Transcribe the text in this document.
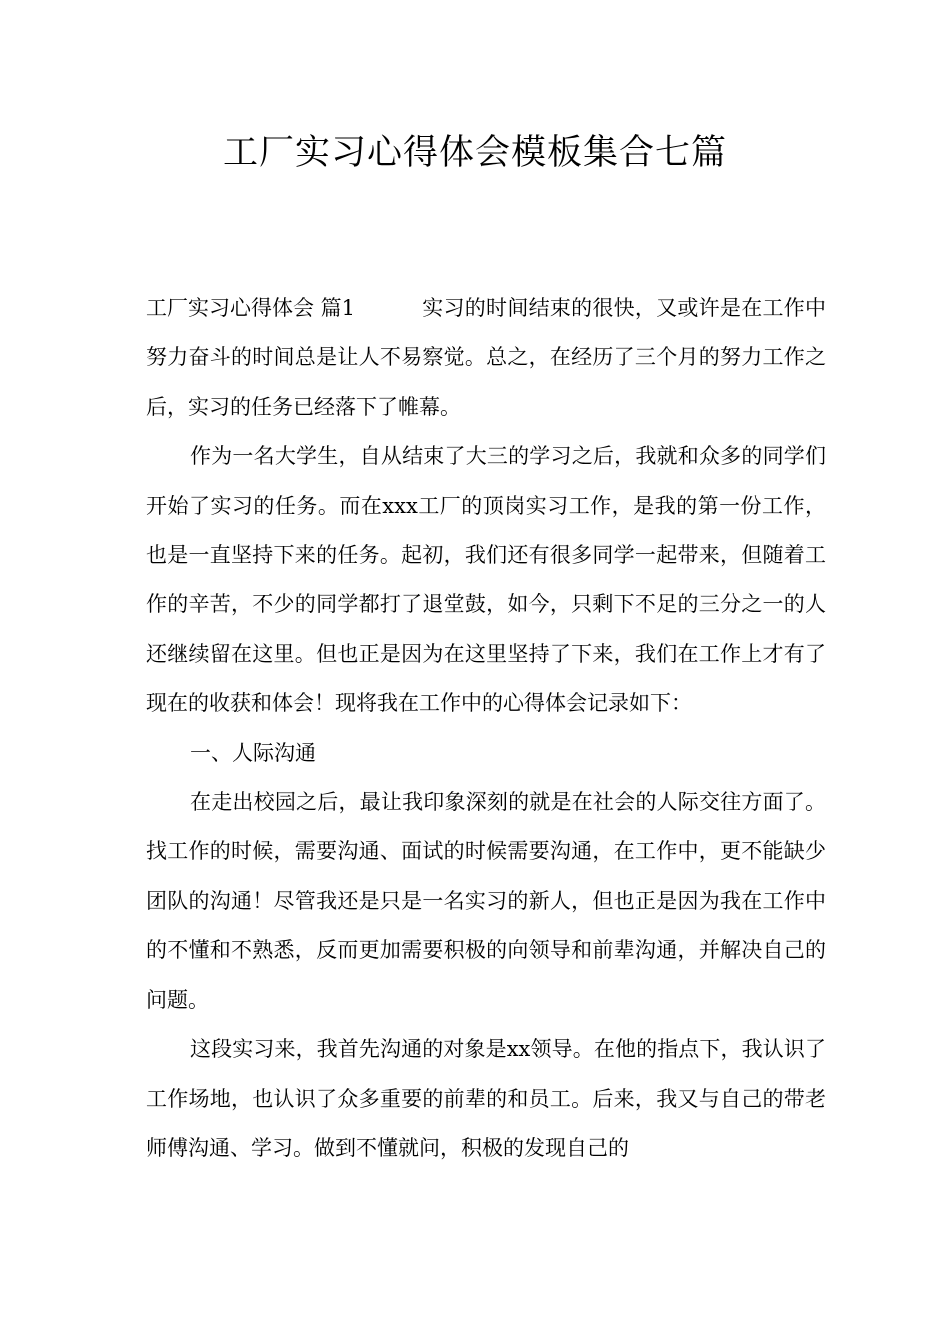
工厂实习心得体会模板集合七篇

工厂实习心得体会 篇1	实习的时间结束的很快，又或许是在工作中努力奋斗的时间总是让人不易察觉。总之，在经历了三个月的努力工作之后，实习的任务已经落下了帷幕。

作为一名大学生，自从结束了大三的学习之后，我就和众多的同学们开始了实习的任务。而在xxx工厂的顶岗实习工作，是我的第一份工作，也是一直坚持下来的任务。起初，我们还有很多同学一起带来，但随着工作的辛苦，不少的同学都打了退堂鼓，如今，只剩下不足的三分之一的人还继续留在这里。但也正是因为在这里坚持了下来，我们在工作上才有了现在的收获和体会！现将我在工作中的心得体会记录如下：

一、人际沟通

在走出校园之后，最让我印象深刻的就是在社会的人际交往方面了。找工作的时候，需要沟通、面试的时候需要沟通，在工作中，更不能缺少团队的沟通！尽管我还是只是一名实习的新人，但也正是因为我在工作中的不懂和不熟悉，反而更加需要积极的向领导和前辈沟通，并解决自己的问题。

这段实习来，我首先沟通的对象是xx领导。在他的指点下，我认识了工作场地，也认识了众多重要的前辈的和员工。后来，我又与自己的带老师傅沟通、学习。做到不懂就问，积极的发现自己的
